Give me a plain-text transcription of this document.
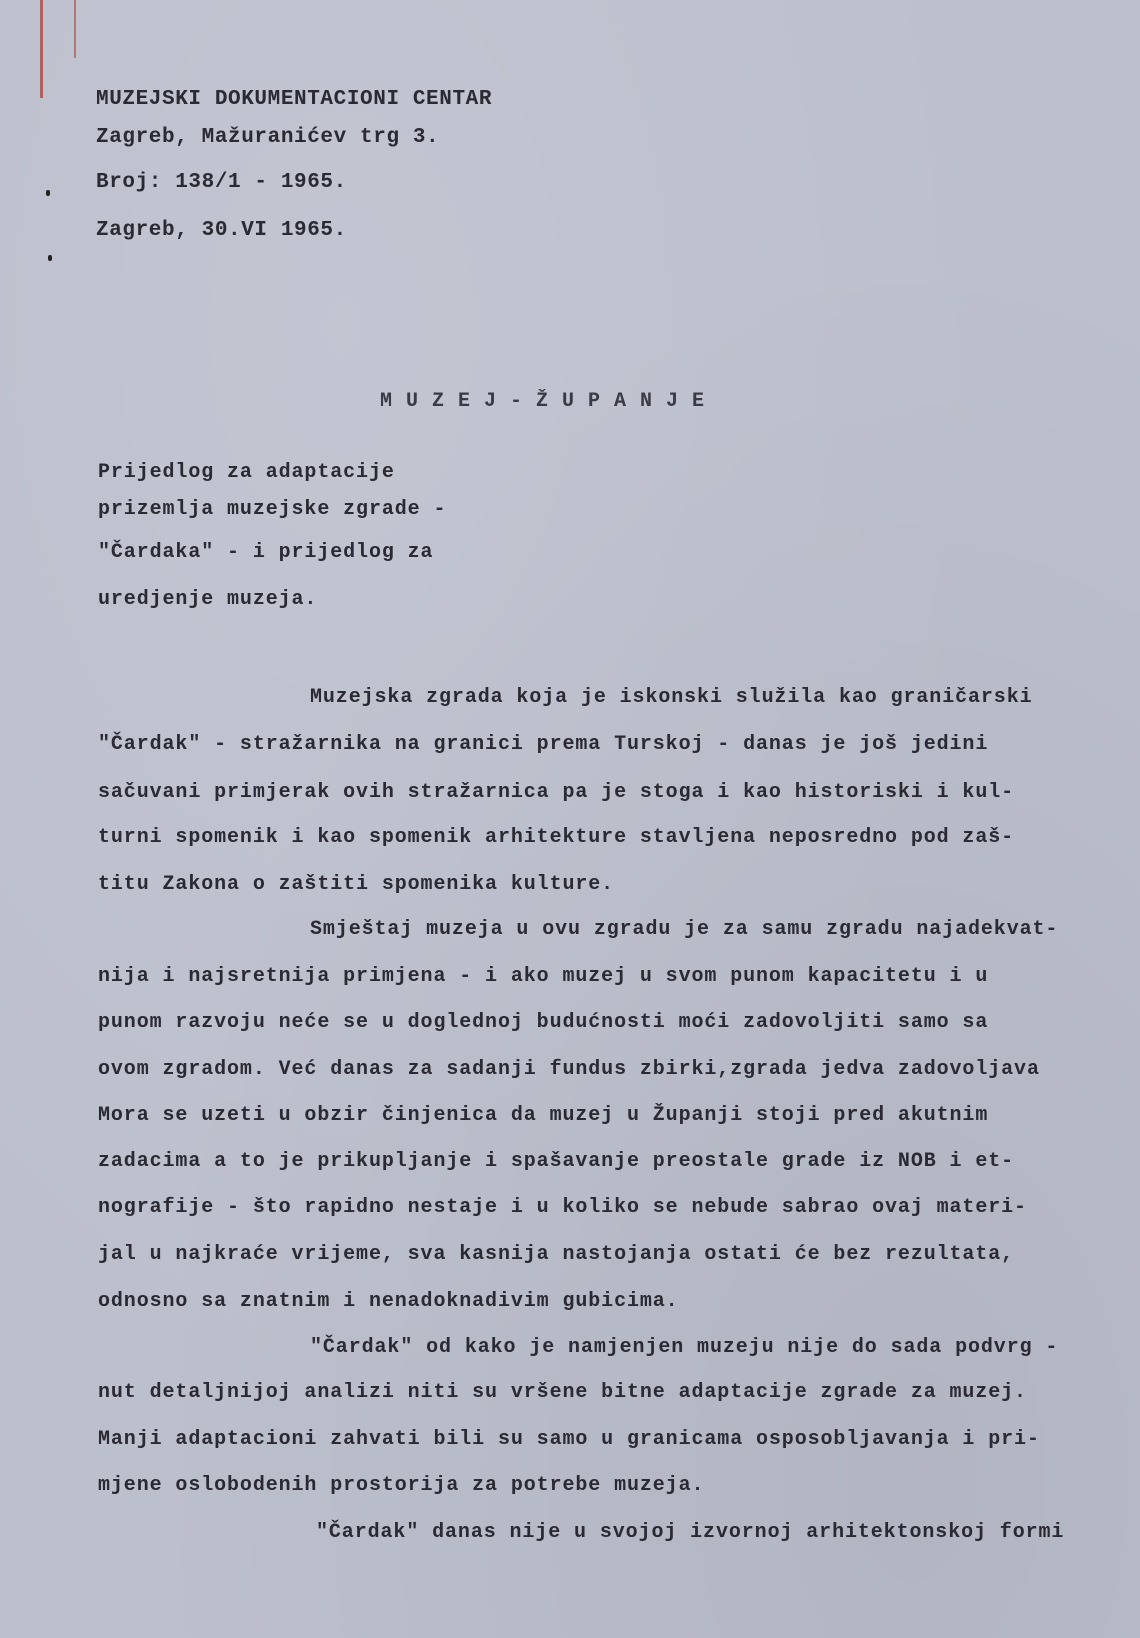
MUZEJSKI DOKUMENTACIONI CENTAR
Zagreb, Mažuranićev trg 3.
Broj: 138/1 - 1965.
Zagreb, 30.VI 1965.
MUZEJ-ŽUPANJE
Prijedlog za adaptacije
prizemlja muzejske zgrade -
"Čardaka" - i prijedlog za
uredjenje muzeja.
Muzejska zgrada koja je iskonski služila kao graničarski
"Čardak" - stražarnika na granici prema Turskoj - danas je još jedini
sačuvani primjerak ovih stražarnica pa je stoga i kao historiski i kul-
turni spomenik i kao spomenik arhitekture stavljena neposredno pod zaš-
titu Zakona o zaštiti spomenika kulture.
Smještaj muzeja u ovu zgradu je za samu zgradu najadekvat-
nija i najsretnija primjena - i ako muzej u svom punom kapacitetu i u
punom razvoju neće se u doglednoj budućnosti moći zadovoljiti samo sa
ovom zgradom. Već danas za sadanji fundus zbirki,zgrada jedva zadovoljava
Mora se uzeti u obzir činjenica da muzej u Županji stoji pred akutnim
zadacima a to je prikupljanje i spašavanje preostale grade iz NOB i et-
nografije - što rapidno nestaje i u koliko se nebude sabrao ovaj materi-
jal u najkraće vrijeme, sva kasnija nastojanja ostati će bez rezultata,
odnosno sa znatnim i nenadoknadivim gubicima.
"Čardak" od kako je namjenjen muzeju nije do sada podvrg -
nut detaljnijoj analizi niti su vršene bitne adaptacije zgrade za muzej.
Manji adaptacioni zahvati bili su samo u granicama osposobljavanja i pri-
mjene oslobodenih prostorija za potrebe muzeja.
"Čardak" danas nije u svojoj izvornoj arhitektonskoj formi
